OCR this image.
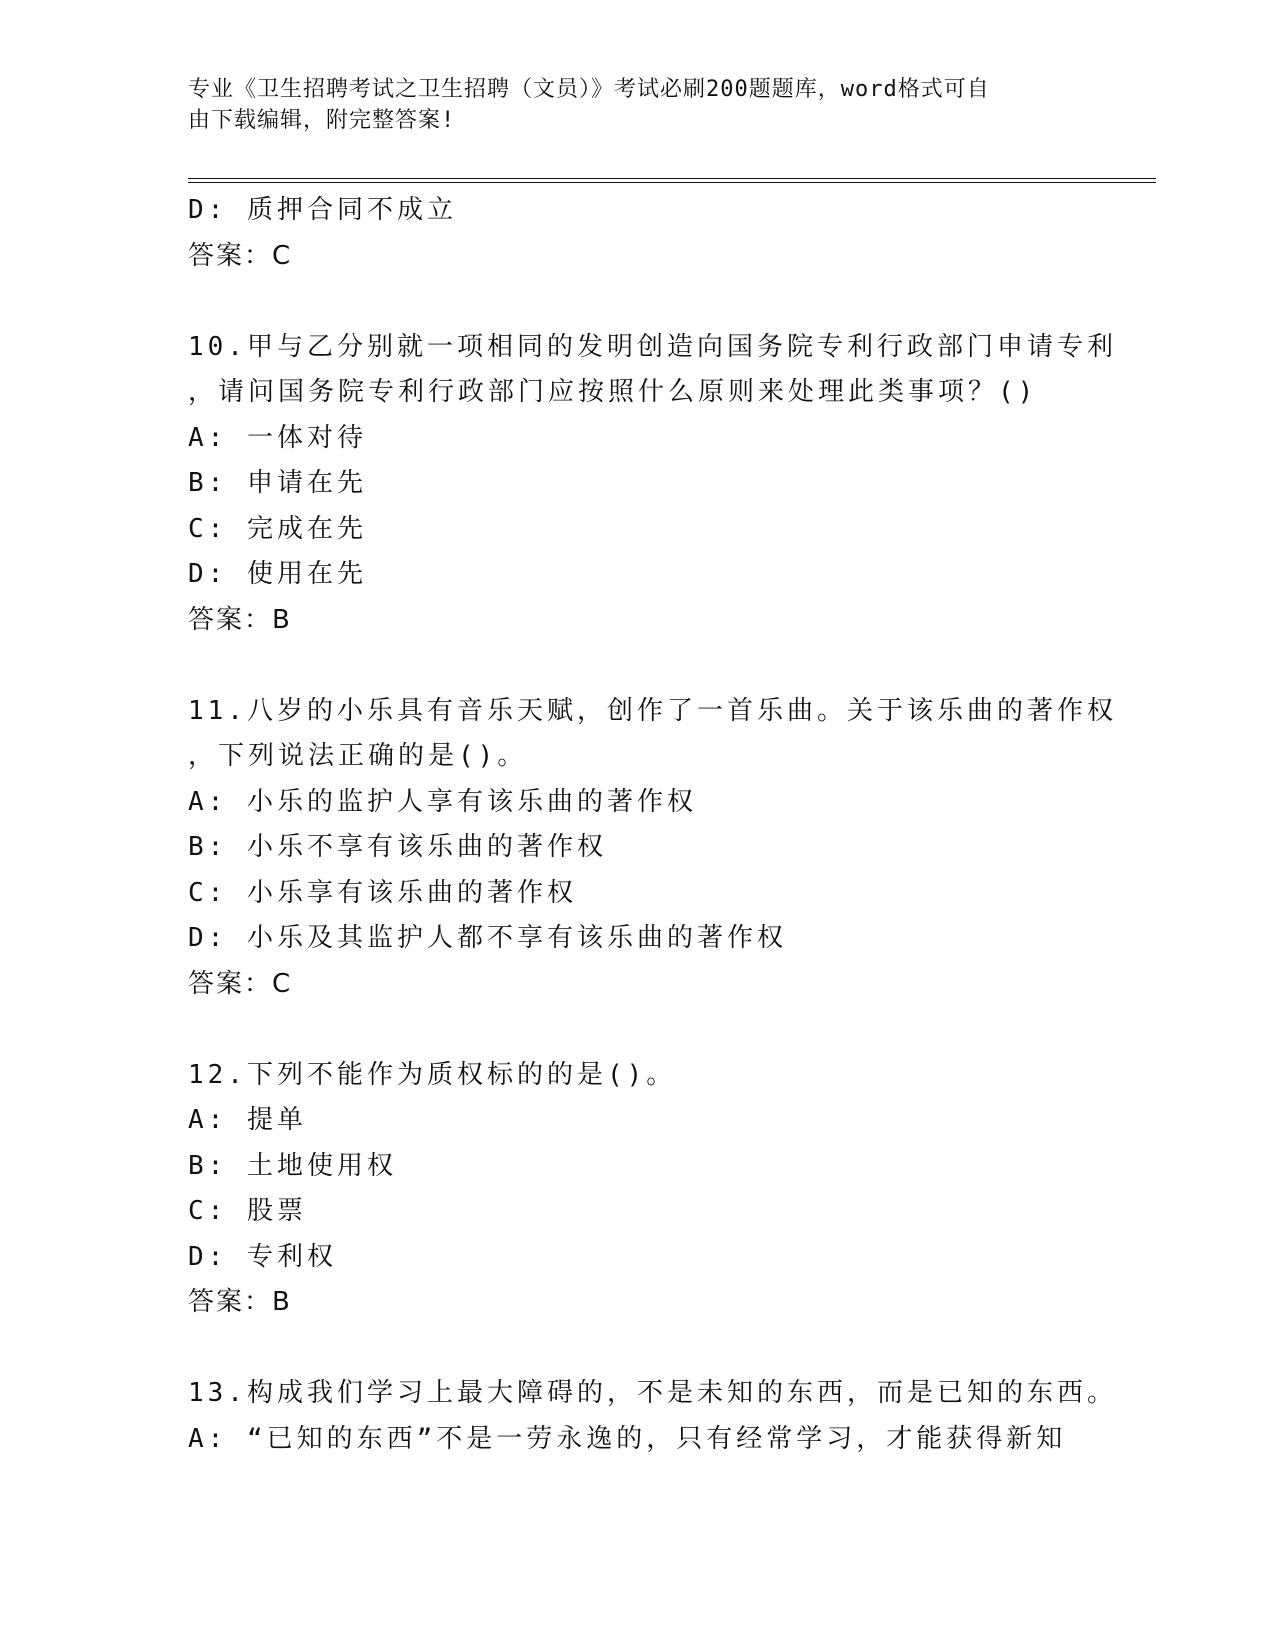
专业《卫生招聘考试之卫生招聘（文员）》考试必刷200题题库，word格式可自
由下载编辑，附完整答案!
D: 质押合同不成立
答案：C
10.甲与乙分别就一项相同的发明创造向国务院专利行政部门申请专利
，请问国务院专利行政部门应按照什么原则来处理此类事项？()
A: 一体对待
B: 申请在先
C: 完成在先
D: 使用在先
答案：B
11.八岁的小乐具有音乐天赋，创作了一首乐曲。关于该乐曲的著作权
，下列说法正确的是()。
A: 小乐的监护人享有该乐曲的著作权
B: 小乐不享有该乐曲的著作权
C: 小乐享有该乐曲的著作权
D: 小乐及其监护人都不享有该乐曲的著作权
答案：C
12.下列不能作为质权标的的是()。
A: 提单
B: 土地使用权
C: 股票
D: 专利权
答案：B
13.构成我们学习上最大障碍的，不是未知的东西，而是已知的东西。
A: “已知的东西”不是一劳永逸的，只有经常学习，才能获得新知
